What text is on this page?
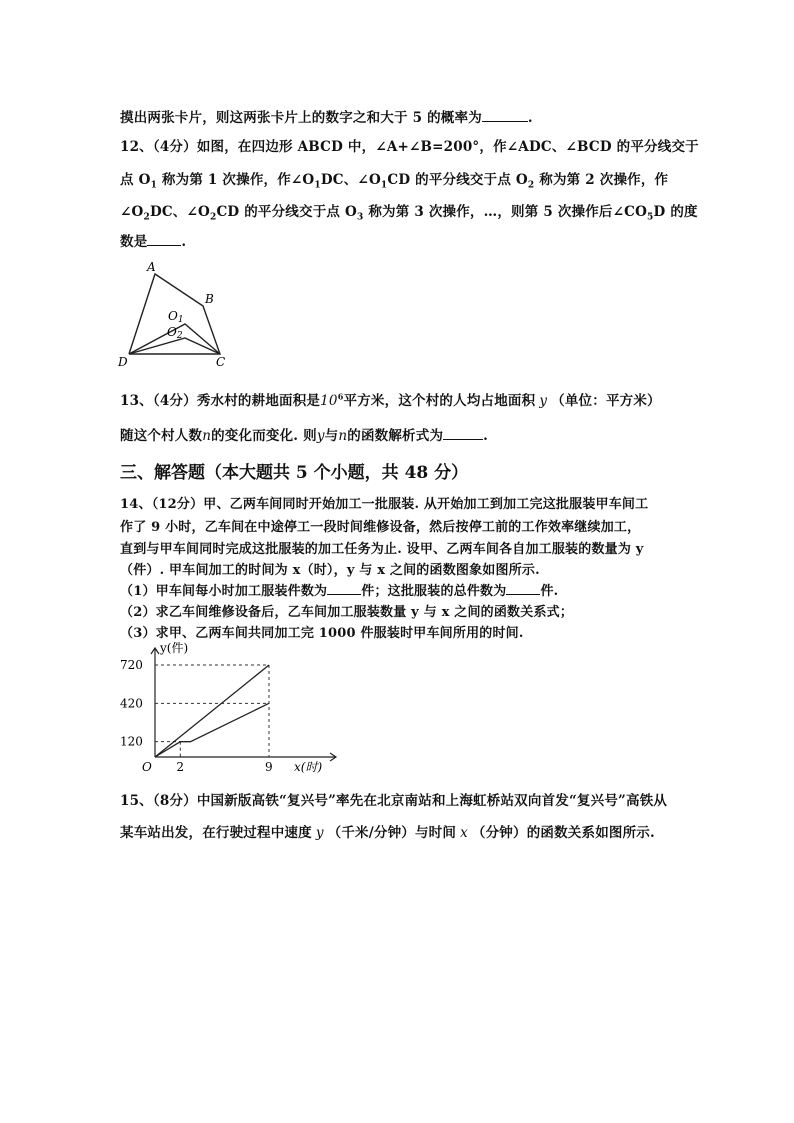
摸出两张卡片，则这两张卡片上的数字之和大于 5 的概率为	.
12、（4分）如图，在四边形 ABCD 中，∠A+∠B=200°，作∠ADC、∠BCD 的平分线交于
点 $O_1$ 称为第 1 次操作，作$\angle O_1DC$、$\angle O_1CD$ 的平分线交于点 $O_2$ 称为第 2 次操作，作
$\angle O_2DC$、$\angle O_2CD$ 的平分线交于点 $O_3$ 称为第 3 次操作，…，则第 5 次操作后$\angle CO_5D$ 的度
数是	.
A
B
C
D
O1
O2
13、（4分）秀水村的耕地面积是$10^6$平方米，这个村的人均占地面积 y （单位：平方米）
随这个村人数n的变化而变化. 则y与n的函数解析式为	.
三、解答题（本大题共 5 个小题，共 48 分）
14、（12分）甲、乙两车间同时开始加工一批服装. 从开始加工到加工完这批服装甲车间工
作了 9 小时，乙车间在中途停工一段时间维修设备，然后按停工前的工作效率继续加工，
直到与甲车间同时完成这批服装的加工任务为止. 设甲、乙两车间各自加工服装的数量为 y
（件）. 甲车间加工的时间为 x（时），y 与 x 之间的函数图象如图所示.
（1）甲车间每小时加工服装件数为	件；这批服装的总件数为	件.
（2）求乙车间维修设备后，乙车间加工服装数量 y 与 x 之间的函数关系式；
（3）求甲、乙两车间共同加工完 1000 件服装时甲车间所用的时间.
120
420
720
2	9
y(件)
x(时)
O
15、（8分）中国新版高铁“复兴号”率先在北京南站和上海虹桥站双向首发“复兴号”高铁从
某车站出发，在行驶过程中速度 y （千米/分钟）与时间 x （分钟）的函数关系如图所示.
